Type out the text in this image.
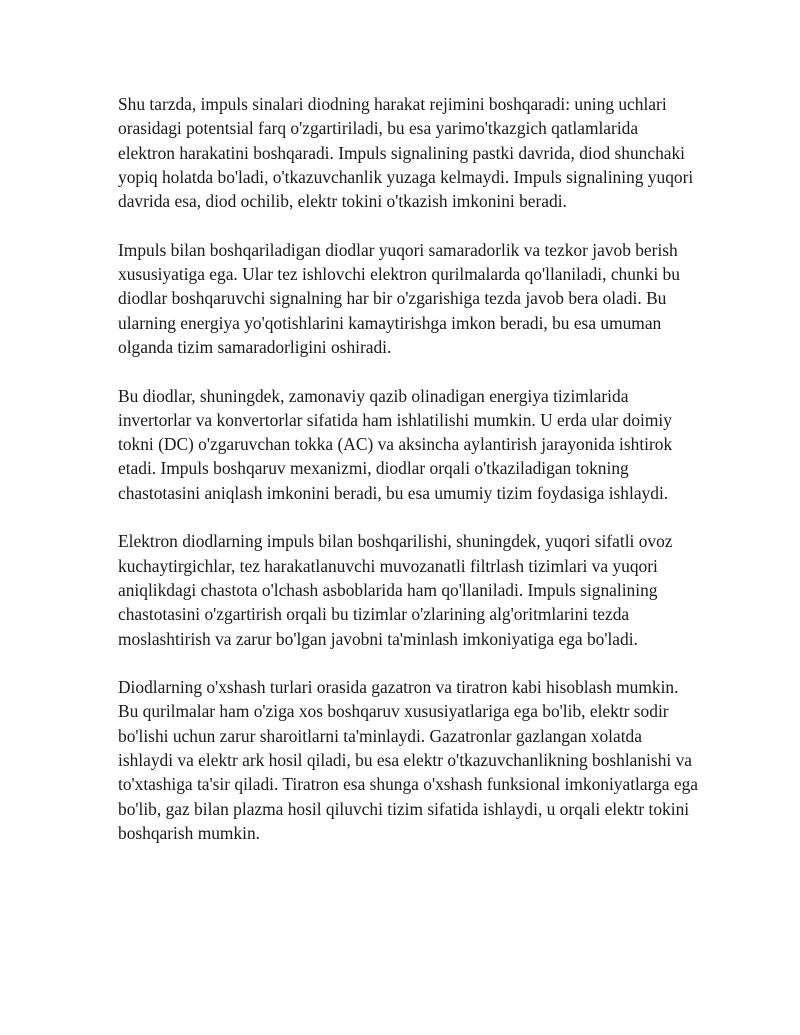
Shu tarzda, impuls sinalari diodning harakat rejimini boshqaradi: uning uchlari orasidagi potentsial farq o'zgartiriladi, bu esa yarimo'tkazgich qatlamlarida elektron harakatini boshqaradi. Impuls signalining pastki davrida, diod shunchaki yopiq holatda bo'ladi, o'tkazuvchanlik yuzaga kelmaydi. Impuls signalining yuqori davrida esa, diod ochilib, elektr tokini o'tkazish imkonini beradi.

Impuls bilan boshqariladigan diodlar yuqori samaradorlik va tezkor javob berish xususiyatiga ega. Ular tez ishlovchi elektron qurilmalarda qo'llaniladi, chunki bu diodlar boshqaruvchi signalning har bir o'zgarishiga tezda javob bera oladi. Bu ularning energiya yo'qotishlarini kamaytirishga imkon beradi, bu esa umuman olganda tizim samaradorligini oshiradi.

Bu diodlar, shuningdek, zamonaviy qazib olinadigan energiya tizimlarida invertorlar va konvertorlar sifatida ham ishlatilishi mumkin. U erda ular doimiy tokni (DC) o'zgaruvchan tokka (AC) va aksincha aylantirish jarayonida ishtirok etadi. Impuls boshqaruv mexanizmi, diodlar orqali o'tkaziladigan tokning chastotasini aniqlash imkonini beradi, bu esa umumiy tizim foydasiga ishlaydi.

Elektron diodlarning impuls bilan boshqarilishi, shuningdek, yuqori sifatli ovoz kuchaytirgichlar, tez harakatlanuvchi muvozanatli filtrlash tizimlari va yuqori aniqlikdagi chastota o'lchash asboblarida ham qo'llaniladi. Impuls signalining chastotasini o'zgartirish orqali bu tizimlar o'zlarining alg'oritmlarini tezda moslashtirish va zarur bo'lgan javobni ta'minlash imkoniyatiga ega bo'ladi.

Diodlarning o'xshash turlari orasida gazatron va tiratron kabi hisoblash mumkin. Bu qurilmalar ham o'ziga xos boshqaruv xususiyatlariga ega bo'lib, elektr sodir bo'lishi uchun zarur sharoitlarni ta'minlaydi. Gazatronlar gazlangan xolatda ishlaydi va elektr ark hosil qiladi, bu esa elektr o'tkazuvchanlikning boshlanishi va to'xtashiga ta'sir qiladi. Tiratron esa shunga o'xshash funksional imkoniyatlarga ega bo'lib, gaz bilan plazma hosil qiluvchi tizim sifatida ishlaydi, u orqali elektr tokini boshqarish mumkin.
